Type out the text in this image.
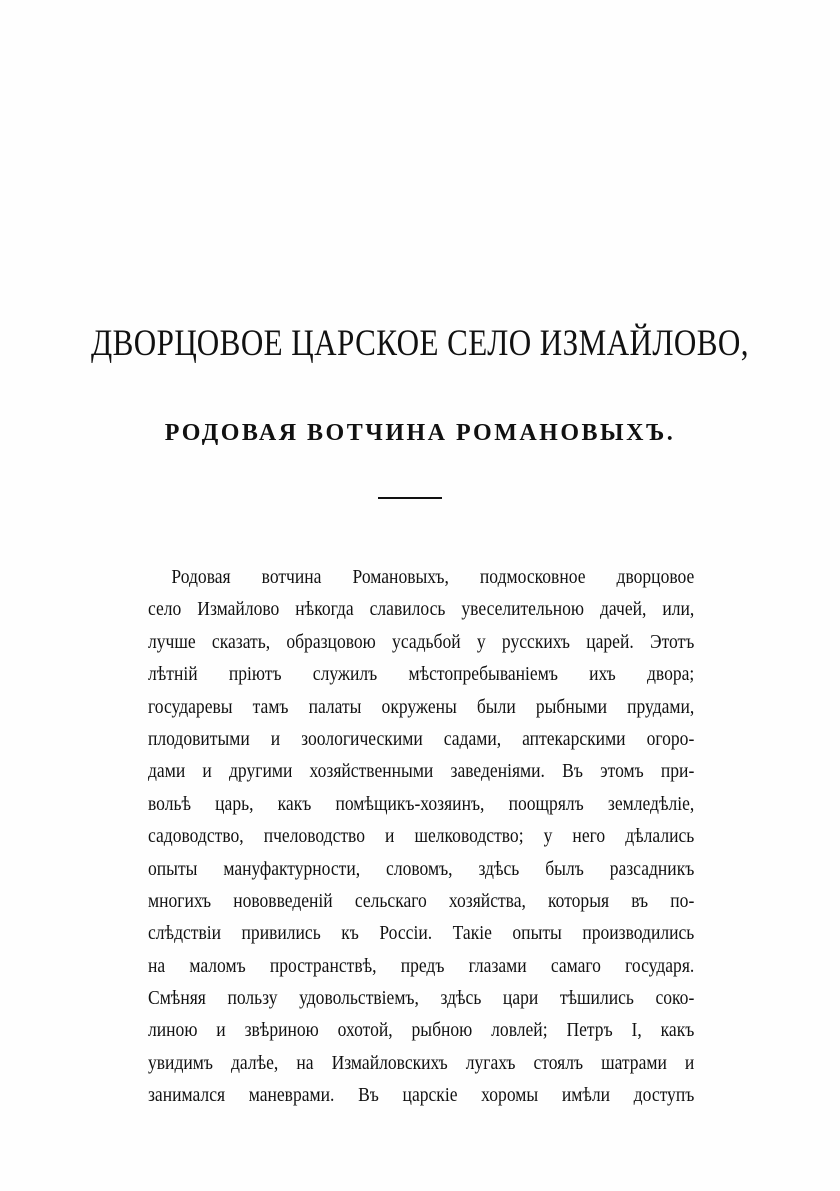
ДВОРЦОВОЕ ЦАРСКОЕ СЕЛО ИЗМАЙЛОВО,
РОДОВАЯ ВОТЧИНА РОМАНОВЫХЪ.
Родовая вотчина Романовыхъ, подмосковное дворцовое
село Измайлово нѣкогда славилось увеселительною дачей, или,
лучше сказать, образцовою усадьбой у русскихъ царей. Этотъ
лѣтній пріютъ служилъ мѣстопребываніемъ ихъ двора;
государевы тамъ палаты окружены были рыбными прудами,
плодовитыми и зоологическими садами, аптекарскими огоро-
дами и другими хозяйственными заведеніями. Въ этомъ при-
вольѣ царь, какъ помѣщикъ-хозяинъ, поощрялъ земледѣліе,
садоводство, пчеловодство и шелководство; у него дѣлались
опыты мануфактурности, словомъ, здѣсь былъ разсадникъ
многихъ нововведеній сельскаго хозяйства, которыя въ по-
слѣдствіи привились къ Россіи. Такіе опыты производились
на маломъ пространствѣ, предъ глазами самаго государя.
Смѣняя пользу удовольствіемъ, здѣсь цари тѣшились соко-
линою и звѣриною охотой, рыбною ловлей; Петръ I, какъ
увидимъ далѣе, на Измайловскихъ лугахъ стоялъ шатрами и
занимался маневрами. Въ царскіе хоромы имѣли доступъ
